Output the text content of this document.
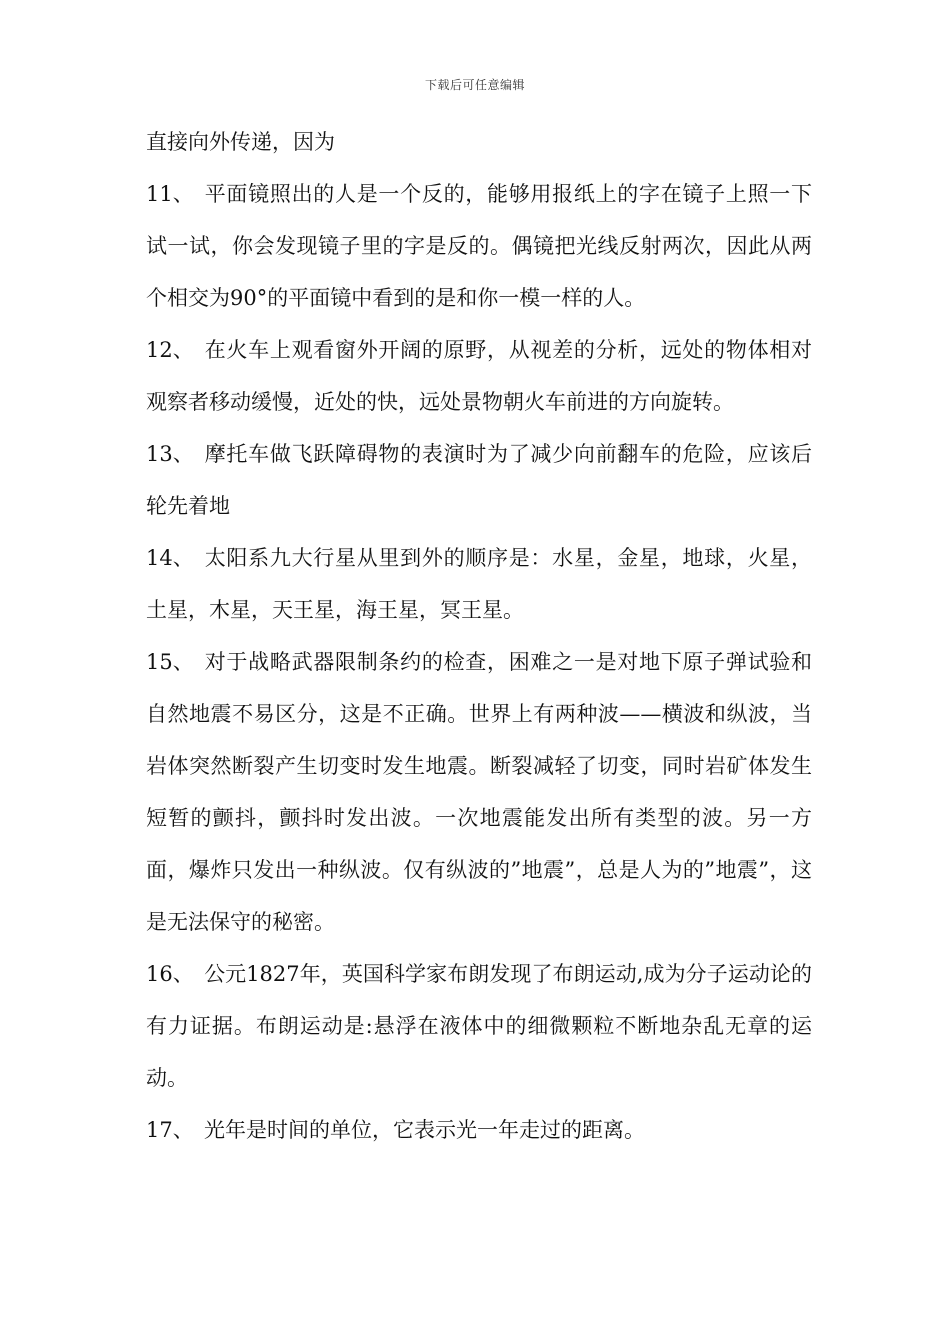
下载后可任意编辑

直接向外传递，因为

11、 平面镜照出的人是一个反的，能够用报纸上的字在镜子上照一下试一试，你会发现镜子里的字是反的。偶镜把光线反射两次，因此从两个相交为90°的平面镜中看到的是和你一模一样的人。

12、 在火车上观看窗外开阔的原野，从视差的分析，远处的物体相对观察者移动缓慢，近处的快，远处景物朝火车前进的方向旋转。

13、 摩托车做飞跃障碍物的表演时为了减少向前翻车的危险，应该后轮先着地

14、 太阳系九大行星从里到外的顺序是：水星，金星，地球，火星，土星，木星，天王星，海王星，冥王星。

15、 对于战略武器限制条约的检查，困难之一是对地下原子弹试验和自然地震不易区分，这是不正确。世界上有两种波——横波和纵波，当岩体突然断裂产生切变时发生地震。断裂减轻了切变，同时岩矿体发生短暂的颤抖，颤抖时发出波。一次地震能发出所有类型的波。另一方面，爆炸只发出一种纵波。仅有纵波的”地震”，总是人为的”地震”，这是无法保守的秘密。

16、 公元1827年，英国科学家布朗发现了布朗运动,成为分子运动论的有力证据。布朗运动是:悬浮在液体中的细微颗粒不断地杂乱无章的运动。

17、 光年是时间的单位，它表示光一年走过的距离。
